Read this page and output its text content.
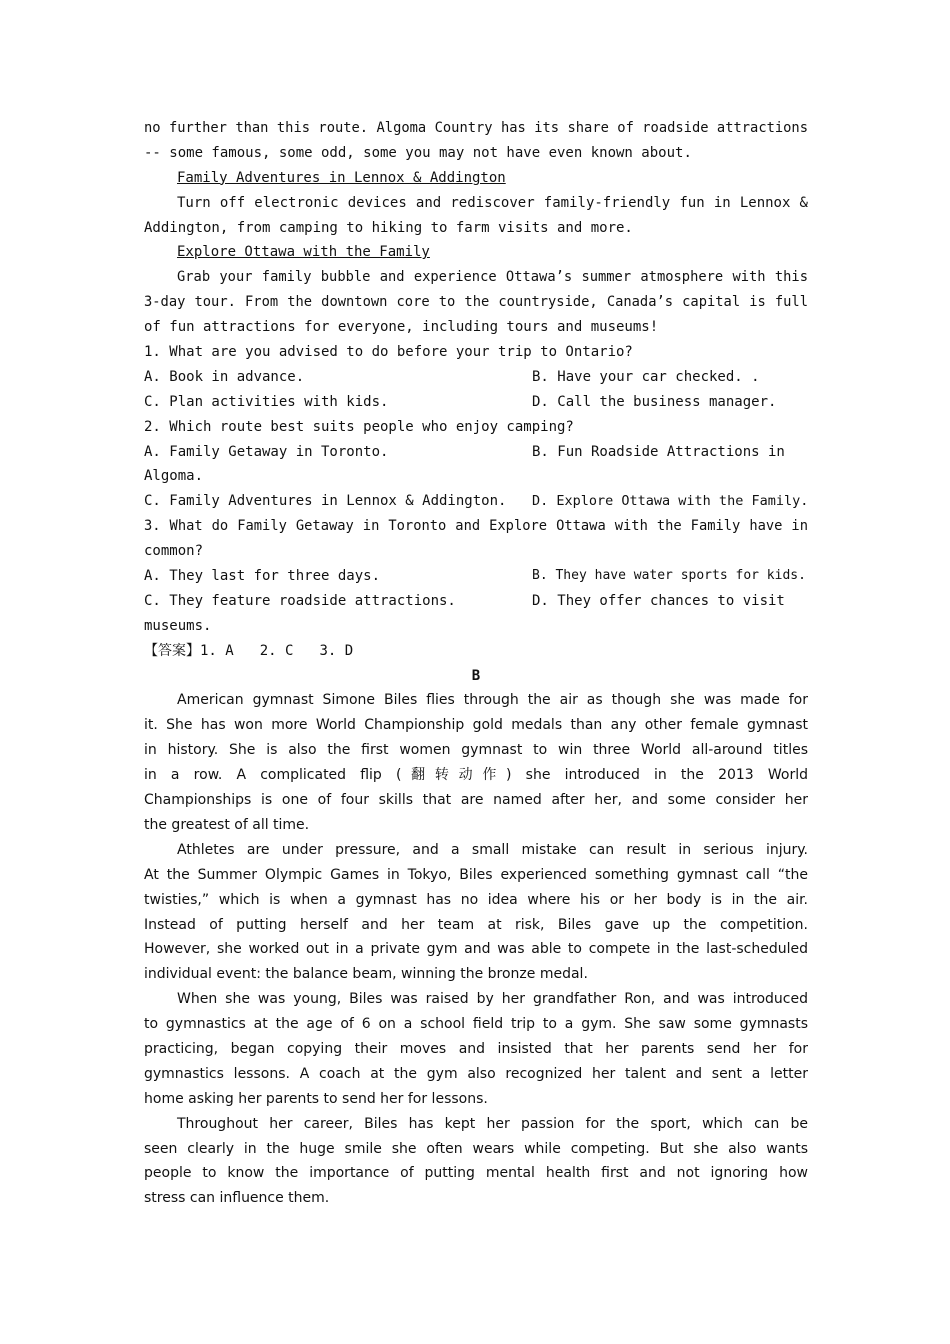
no further than this route. Algoma Country has its share of roadside attractions
-- some famous, some odd, some you may not have even known about.
Family Adventures in Lennox & Addington
Turn off electronic devices and rediscover family-friendly fun in Lennox &
Addington, from camping to hiking to farm visits and more.
Explore Ottawa with the Family
Grab your family bubble and experience Ottawa’s summer atmosphere with this
3-day tour. From the downtown core to the countryside, Canada’s capital is full
of fun attractions for everyone, including tours and museums!
1. What are you advised to do before your trip to Ontario?
A. Book in advance.	B. Have your car checked. .
C. Plan activities with kids.	D. Call the business manager.
2. Which route best suits people who enjoy camping?
A. Family Getaway in Toronto.	B. Fun Roadside Attractions in
Algoma.
C. Family Adventures in Lennox & Addington.	D. Explore Ottawa with the Family.
3. What do Family Getaway in Toronto and Explore Ottawa with the Family have in
common?
A. They last for three days.	B. They have water sports for kids.
C. They feature roadside attractions.	D. They offer chances to visit
museums.
【答案】1. A 2. C 3. D
B
American gymnast Simone Biles flies through the air as though she was made for
it. She has won more World Championship gold medals than any other female gymnast
in history. She is also the first women gymnast to win three World all-around titles
in a row. A complicated flip (翻转动作) she introduced in the 2013 World
Championships is one of four skills that are named after her, and some consider her
the greatest of all time.
Athletes are under pressure, and a small mistake can result in serious injury.
At the Summer Olympic Games in Tokyo, Biles experienced something gymnast call “the
twisties,” which is when a gymnast has no idea where his or her body is in the air.
Instead of putting herself and her team at risk, Biles gave up the competition.
However, she worked out in a private gym and was able to compete in the last-scheduled
individual event: the balance beam, winning the bronze medal.
When she was young, Biles was raised by her grandfather Ron, and was introduced
to gymnastics at the age of 6 on a school field trip to a gym. She saw some gymnasts
practicing, began copying their moves and insisted that her parents send her for
gymnastics lessons. A coach at the gym also recognized her talent and sent a letter
home asking her parents to send her for lessons.
Throughout her career, Biles has kept her passion for the sport, which can be
seen clearly in the huge smile she often wears while competing. But she also wants
people to know the importance of putting mental health first and not ignoring how
stress can influence them.
